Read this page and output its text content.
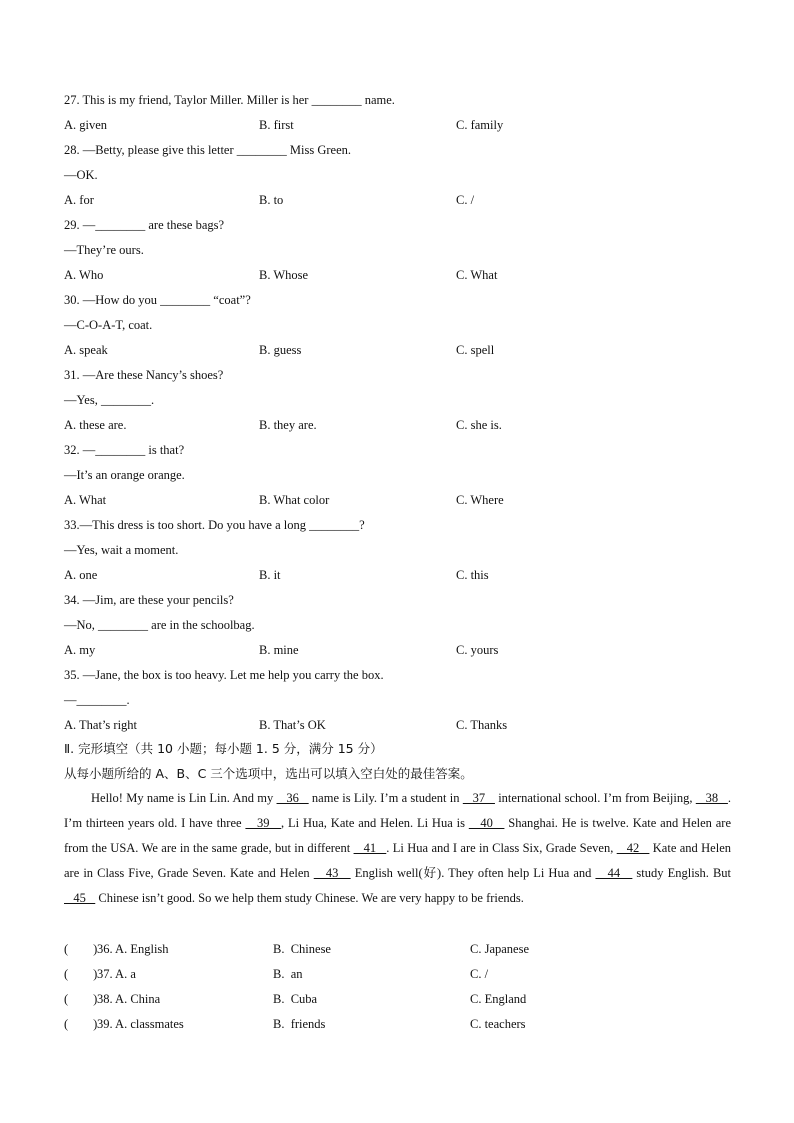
27. This is my friend, Taylor Miller. Miller is her ________ name.
A. given	B. first	C. family
28. —Betty, please give this letter ________ Miss Green.
—OK.
A. for	B. to	C. /
29. —________ are these bags?
—They’re ours.
A. Who	B. Whose	C. What
30. —How do you ________ “coat”?
—C-O-A-T, coat.
A. speak	B. guess	C. spell
31. —Are these Nancy’s shoes?
—Yes, ________.
A. these are.	B. they are.	C. she is.
32. —________ is that?
—It’s an orange orange.
A. What	B. What color	C. Where
33.—This dress is too short. Do you have a long ________?
—Yes, wait a moment.
A. one	B. it	C. this
34. —Jim, are these your pencils?
—No, ________ are in the schoolbag.
A. my	B. mine	C. yours
35. —Jane, the box is too heavy. Let me help you carry the box.
—________.
A. That’s right	B. That’s OK	C. Thanks
Ⅱ. 完形填空（共 10 小题；每小题 1. 5 分，满分 15 分）
从每小题所给的 A、B、C 三个选项中，选出可以填入空白处的最佳答案。
Hello! My name is Lin Lin. And my    36    name is Lily. I’m a student in    37    international school. I’m from Beijing,    38   . I’m thirteen years old. I have three    39   , Li Hua, Kate and Helen. Li Hua is    40    Shanghai. He is twelve. Kate and Helen are from the USA. We are in the same grade, but in different    41   . Li Hua and I are in Class Six, Grade Seven,    42    Kate and Helen are in Class Five, Grade Seven. Kate and Helen    43    English well(好). They often help Li Hua and    44    study English. But    45    Chinese isn’t good. So we help them study Chinese. We are very happy to be friends.
(        ) 36. A. English	B.  Chinese	C. Japanese
(        ) 37. A. a	B.  an	C. /
(        ) 38. A. China	B.  Cuba	C. England
(        ) 39. A. classmates	B.  friends	C. teachers
